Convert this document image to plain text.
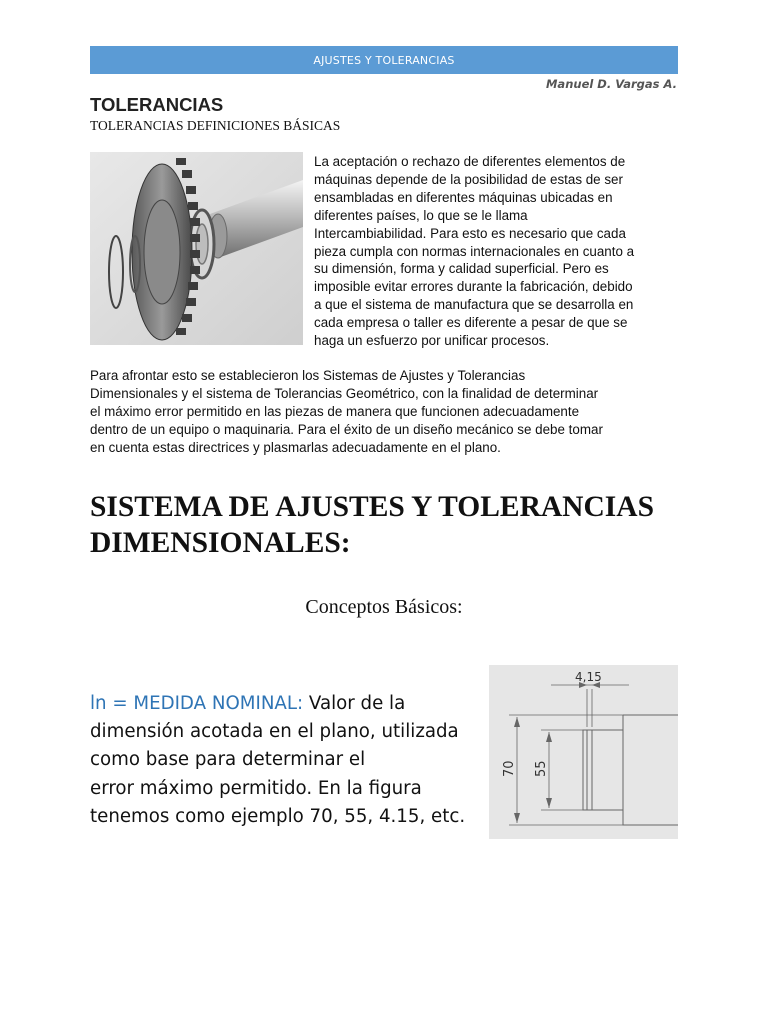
AJUSTES Y TOLERANCIAS
Manuel D. Vargas A.
TOLERANCIAS
TOLERANCIAS DEFINICIONES BÁSICAS
La aceptación o rechazo de diferentes elementos de
máquinas depende de la posibilidad de estas de ser
ensambladas en diferentes máquinas ubicadas en
diferentes países, lo que se le llama
Intercambiabilidad. Para esto es necesario que cada
pieza cumpla con normas internacionales en cuanto a
su dimensión, forma y calidad superficial. Pero es
imposible evitar errores durante la fabricación, debido
a que el sistema de manufactura que se desarrolla en
cada empresa o taller es diferente a pesar de que se
haga un esfuerzo por unificar procesos.
Para afrontar esto se establecieron los Sistemas de Ajustes y Tolerancias
Dimensionales y el sistema de Tolerancias Geométrico, con la finalidad de determinar
el máximo error permitido en las piezas de manera que funcionen adecuadamente
dentro de un equipo o maquinaria. Para el éxito de un diseño mecánico se debe tomar
en cuenta estas directrices y plasmarlas adecuadamente en el plano.
SISTEMA DE AJUSTES Y TOLERANCIAS
DIMENSIONALES:
Conceptos Básicos:
ln = MEDIDA NOMINAL: Valor de la
dimensión acotada en el plano, utilizada
como base para determinar el
error máximo permitido. En la figura
tenemos como ejemplo 70, 55, 4.15, etc.
4,15
70 55
